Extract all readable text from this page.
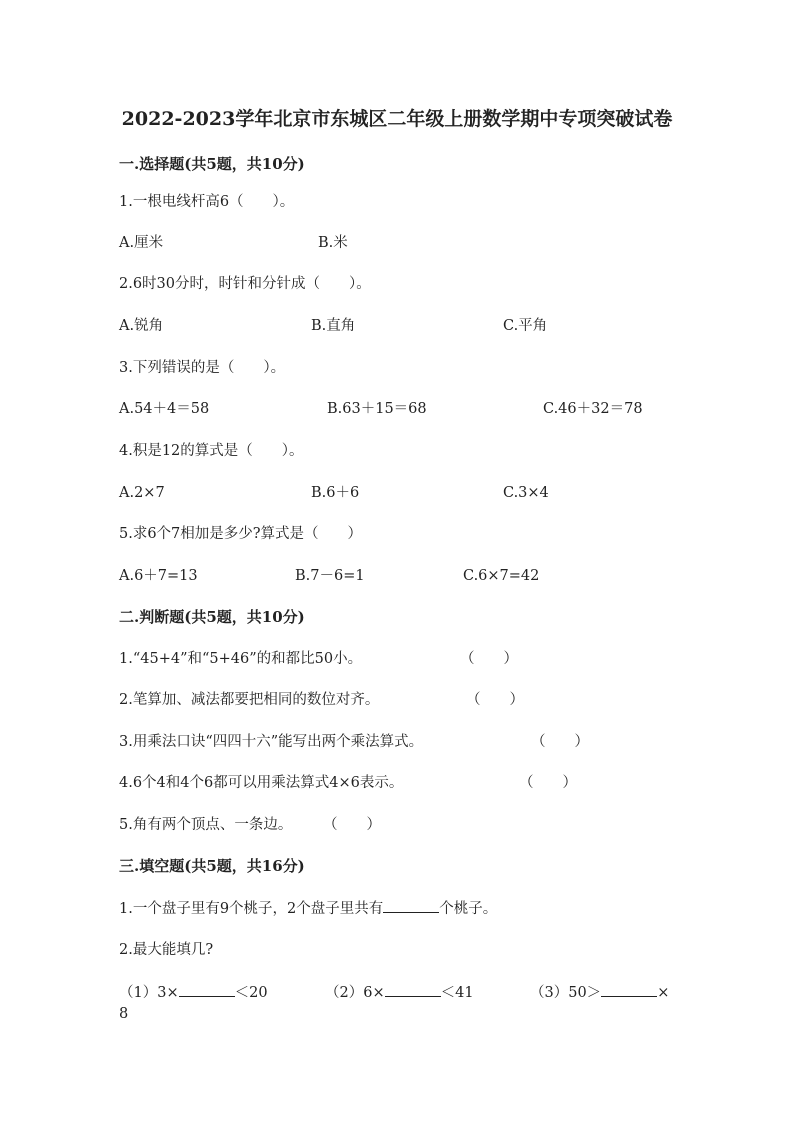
2022-2023学年北京市东城区二年级上册数学期中专项突破试卷
一.选择题(共5题，共10分)
1.一根电线杆高6（　　）。
A.厘米	B.米
2.6时30分时，时针和分针成（　　）。
A.锐角	B.直角	C.平角
3.下列错误的是（　　）。
A.54＋4＝58	B.63＋15＝68	C.46＋32＝78
4.积是12的算式是（　　）。
A.2×7	B.6＋6	C.3×4
5.求6个7相加是多少?算式是（　　）
A.6＋7=13	B.7－6=1	C.6×7=42
二.判断题(共5题，共10分)
1.“45+4”和“5+46”的和都比50小。	（　　）
2.笔算加、减法都要把相同的数位对齐。	（　　）
3.用乘法口诀“四四十六”能写出两个乘法算式。	（　　）
4.6个4和4个6都可以用乘法算式4×6表示。	（　　）
5.角有两个顶点、一条边。 （　　）
三.填空题(共5题，共16分)
1.一个盘子里有9个桃子，2个盘子里共有	个桃子。
2.最大能填几?
（1）3×	＜20	（2）6×	＜41	（3）50＞	×
8
